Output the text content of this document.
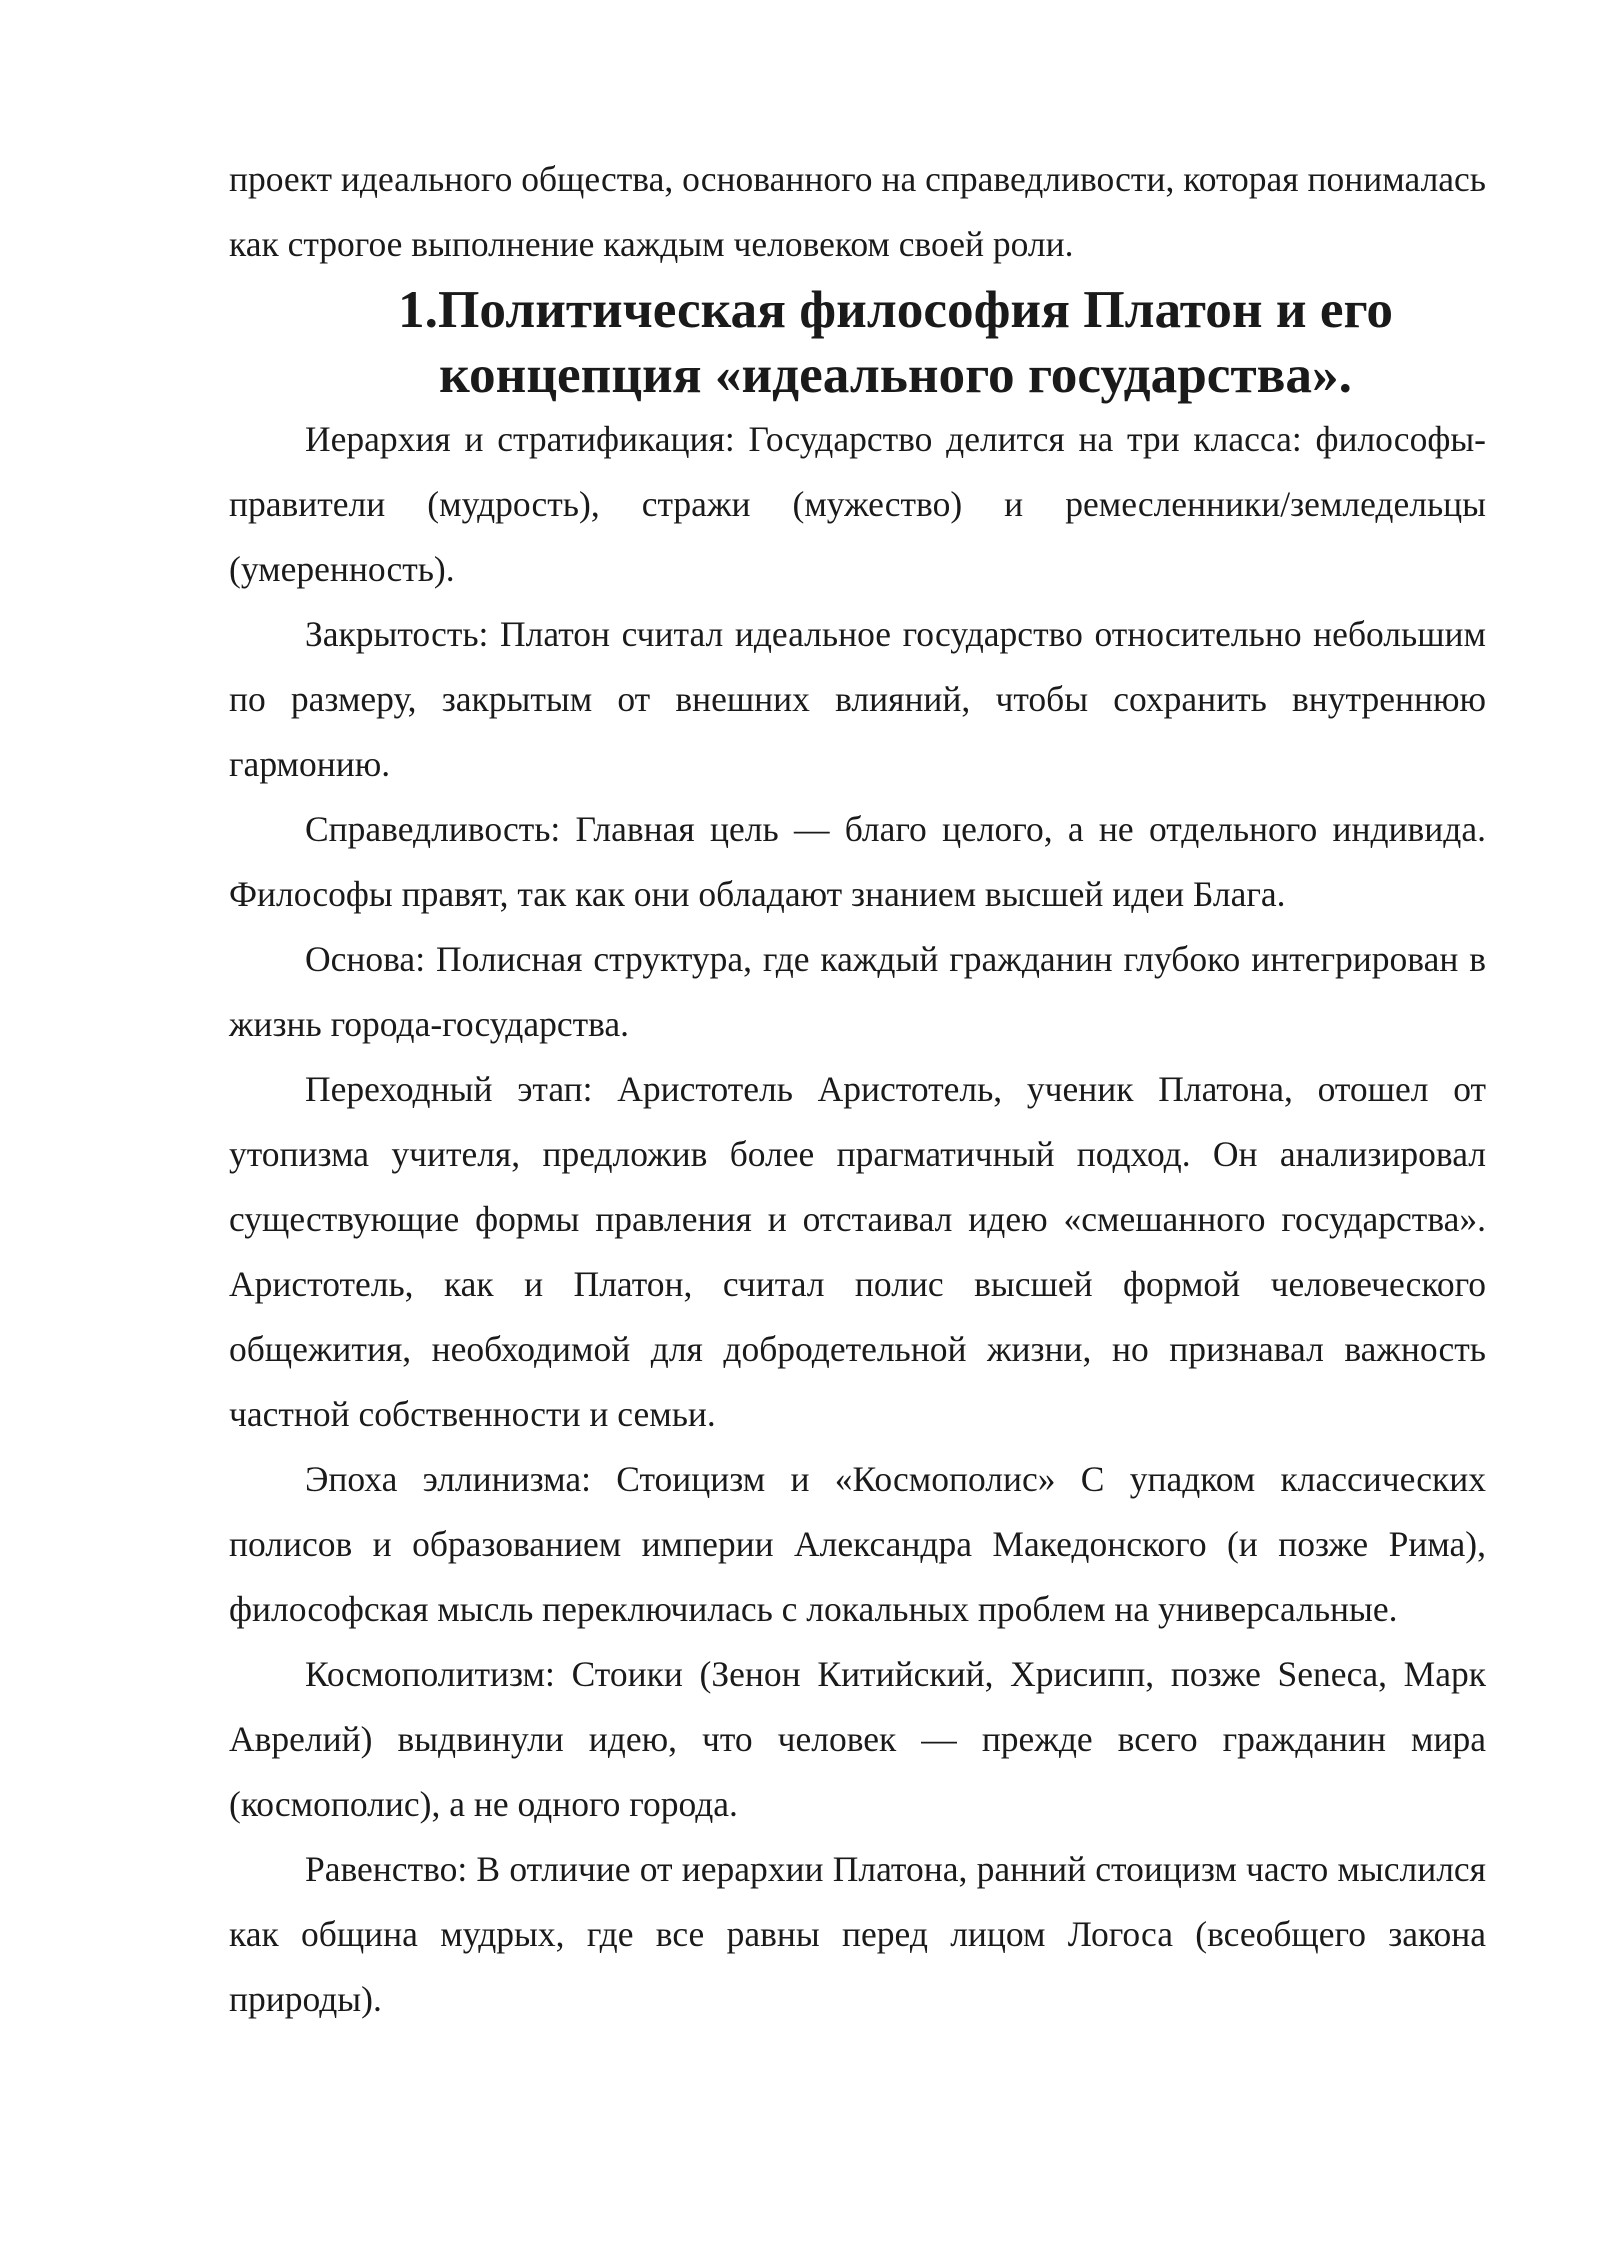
проект идеального общества, основанного на справедливости, которая понималась как строгое выполнение каждым человеком своей роли.

1.Политическая философия Платон и его концепция «идеального государства».

Иерархия и стратификация: Государство делится на три класса: философы-правители (мудрость), стражи (мужество) и ремесленники/земледельцы (умеренность).

Закрытость: Платон считал идеальное государство относительно небольшим по размеру, закрытым от внешних влияний, чтобы сохранить внутреннюю гармонию.

Справедливость: Главная цель — благо целого, а не отдельного индивида. Философы правят, так как они обладают знанием высшей идеи Блага.

Основа: Полисная структура, где каждый гражданин глубоко интегрирован в жизнь города-государства.

Переходный этап: Аристотель Аристотель, ученик Платона, отошел от утопизма учителя, предложив более прагматичный подход. Он анализировал существующие формы правления и отстаивал идею «смешанного государства». Аристотель, как и Платон, считал полис высшей формой человеческого общежития, необходимой для добродетельной жизни, но признавал важность частной собственности и семьи.

Эпоха эллинизма: Стоицизм и «Космополис» С упадком классических полисов и образованием империи Александра Македонского (и позже Рима), философская мысль переключилась с локальных проблем на универсальные.

Космополитизм: Стоики (Зенон Китийский, Хрисипп, позже Seneca, Марк Аврелий) выдвинули идею, что человек — прежде всего гражданин мира (космополис), а не одного города.

Равенство: В отличие от иерархии Платона, ранний стоицизм часто мыслился как община мудрых, где все равны перед лицом Логоса (всеобщего закона природы).
